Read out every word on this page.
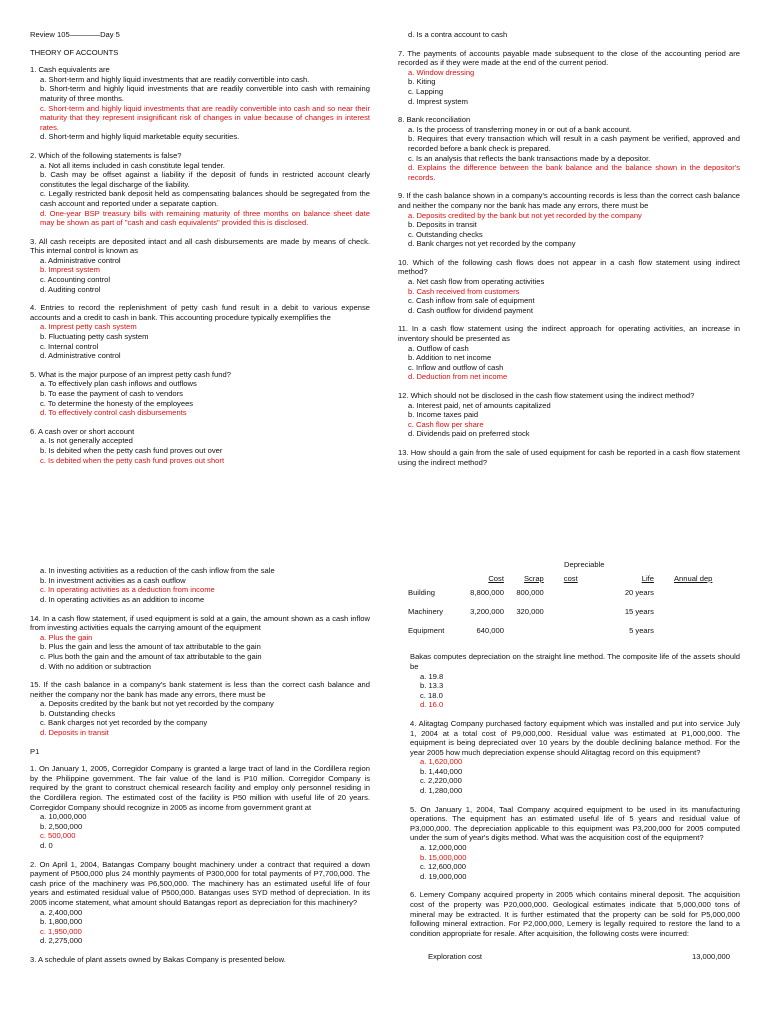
Review 105————Day 5

THEORY OF ACCOUNTS

1. Cash equivalents are

a. Short-term and highly liquid investments that are readily convertible into cash.

b. Short-term and highly liquid investments that are readily convertible into cash with remaining maturity of three months.

c. Short-term and highly liquid investments that are readily convertible into cash and so near their maturity that they represent insignificant risk of changes in value because of changes in interest rates.

d. Short-term and highly liquid marketable equity securities.

2. Which of the following statements is false?

a. Not all items included in cash constitute legal tender.

b. Cash may be offset against a liability if the deposit of funds in restricted account clearly constitutes the legal discharge of the liability.

c. Legally restricted bank deposit held as compensating balances should be segregated from the cash account and reported under a separate caption.

d. One-year BSP treasury bills with remaining maturity of three months on balance sheet date may be shown as part of "cash and cash equivalents" provided this is disclosed.

3. All cash receipts are deposited intact and all cash disbursements are made by means of check. This internal control is known as

a. Administrative control

b. Imprest system

c. Accounting control

d. Auditing control

4. Entries to record the replenishment of petty cash fund result in a debit to various expense accounts and a credit to cash in bank. This accounting procedure typically exemplifies the

a. Imprest petty cash system

b. Fluctuating petty cash system

c. Internal control

d. Administrative control

5. What is the major purpose of an imprest petty cash fund?

a. To effectively plan cash inflows and outflows

b. To ease the payment of cash to vendors

c. To determine the honesty of the employees

d. To effectively control cash disbursements

6. A cash over or short account

a. Is not generally accepted

b. Is debited when the petty cash fund proves out over

c. Is debited when the petty cash fund proves out short

a. In investing activities as a reduction of the cash inflow from the sale

b. In investment activities as a cash outflow

c. In operating activities as a deduction from income

d. In operating activities as an addition to income

14. In a cash flow statement, if used equipment is sold at a gain, the amount shown as a cash inflow from investing activities equals the carrying amount of the equipment

a. Plus the gain

b. Plus the gain and less the amount of tax attributable to the gain

c. Plus both the gain and the amount of tax attributable to the gain

d. With no addition or subtraction

15. If the cash balance in a company's bank statement is less than the correct cash balance and neither the company nor the bank has made any errors, there must be

a. Deposits credited by the bank but not yet recorded by the company

b. Outstanding checks

c. Bank charges not yet recorded by the company

d. Deposits in transit

P1

1. On January 1, 2005, Corregidor Company is granted a large tract of land in the Cordillera region by the Philippine government. The fair value of the land is P10 million. Corregidor Company is required by the grant to construct chemical research facility and employ only personnel residing in the Cordillera region. The estimated cost of the facility is P50 million with useful life of 20 years. Corregidor Company should recognize in 2005 as income from government grant at

a. 10,000,000

b. 2,500,000

c. 500,000

d. 0

2. On April 1, 2004, Batangas Company bought machinery under a contract that required a down payment of P500,000 plus 24 monthly payments of P300,000 for total payments of P7,700,000. The cash price of the machinery was P6,500,000. The machinery has an estimated useful life of four years and estimated residual value of P500,000. Batangas uses SYD method of depreciation. In its 2005 income statement, what amount should Batangas report as depreciation for this machinery?

a. 2,400,000

b. 1,800,000

c. 1,950,000

d. 2,275,000

3. A schedule of plant assets owned by Bakas Company is presented below.

d. Is a contra account to cash

7. The payments of accounts payable made subsequent to the close of the accounting period are recorded as if they were made at the end of the current period.

a. Window dressing

b. Kiting

c. Lapping

d. Imprest system

8. Bank reconciliation

a. Is the process of transferring money in or out of a bank account.

b. Requires that every transaction which will result in a cash payment be verified, approved and recorded before a bank check is prepared.

c. Is an analysis that reflects the bank transactions made by a depositor.

d. Explains the difference between the bank balance and the balance shown in the depositor's records.

9. If the cash balance shown in a company's accounting records is less than the correct cash balance and neither the company nor the bank has made any errors, there must be

a. Deposits credited by the bank but not yet recorded by the company

b. Deposits in transit

c. Outstanding checks

d. Bank charges not yet recorded by the company

10. Which of the following cash flows does not appear in a cash flow statement using indirect method?

a. Net cash flow from operating activities

b. Cash received from customers

c. Cash inflow from sale of equipment

d. Cash outflow for dividend payment

11. In a cash flow statement using the indirect approach for operating activities, an increase in inventory should be presented as

a. Outflow of cash

b. Addition to net income

c. Inflow and outflow of cash

d. Deduction from net income

12. Which should not be disclosed in the cash flow statement using the indirect method?

a. Interest paid, net of amounts capitalized

b. Income taxes paid

c. Cash flow per share

d. Dividends paid on preferred stock

13. How should a gain from the sale of used equipment for cash be reported in a cash flow statement using the indirect method?

Depreciable

	Cost	Scrap	cost	Life	Annual dep
Building	8,800,000	800,000		20 years	
Machinery	3,200,000	320,000		15 years	
Equipment	640,000			5 years	

Bakas computes depreciation on the straight line method. The composite life of the assets should be

a. 19.8

b. 13.3

c. 18.0

d. 16.0

4. Alitagtag Company purchased factory equipment which was installed and put into service July 1, 2004 at a total cost of P9,000,000. Residual value was estimated at P1,000,000. The equipment is being depreciated over 10 years by the double declining balance method. For the year 2005 how much depreciation expense should Alitagtag record on this equipment?

a. 1,620,000

b. 1,440,000

c. 2,220,000

d. 1,280,000

5. On January 1, 2004, Taal Company acquired equipment to be used in its manufacturing operations. The equipment has an estimated useful life of 5 years and residual value of P3,000,000. The depreciation applicable to this equipment was P3,200,000 for 2005 computed under the sum of year's digits method. What was the acquisition cost of the equipment?

a. 12,000,000

b. 15,000,000

c. 12,600,000

d. 19,000,000

6. Lemery Company acquired property in 2005 which contains mineral deposit. The acquisition cost of the property was P20,000,000. Geological estimates indicate that 5,000,000 tons of mineral may be extracted. It is further estimated that the property can be sold for P5,000,000 following mineral extraction. For P2,000,000, Lemery is legally required to restore the land to a condition appropriate for resale. After acquisition, the following costs were incurred:

Exploration cost	13,000,000
